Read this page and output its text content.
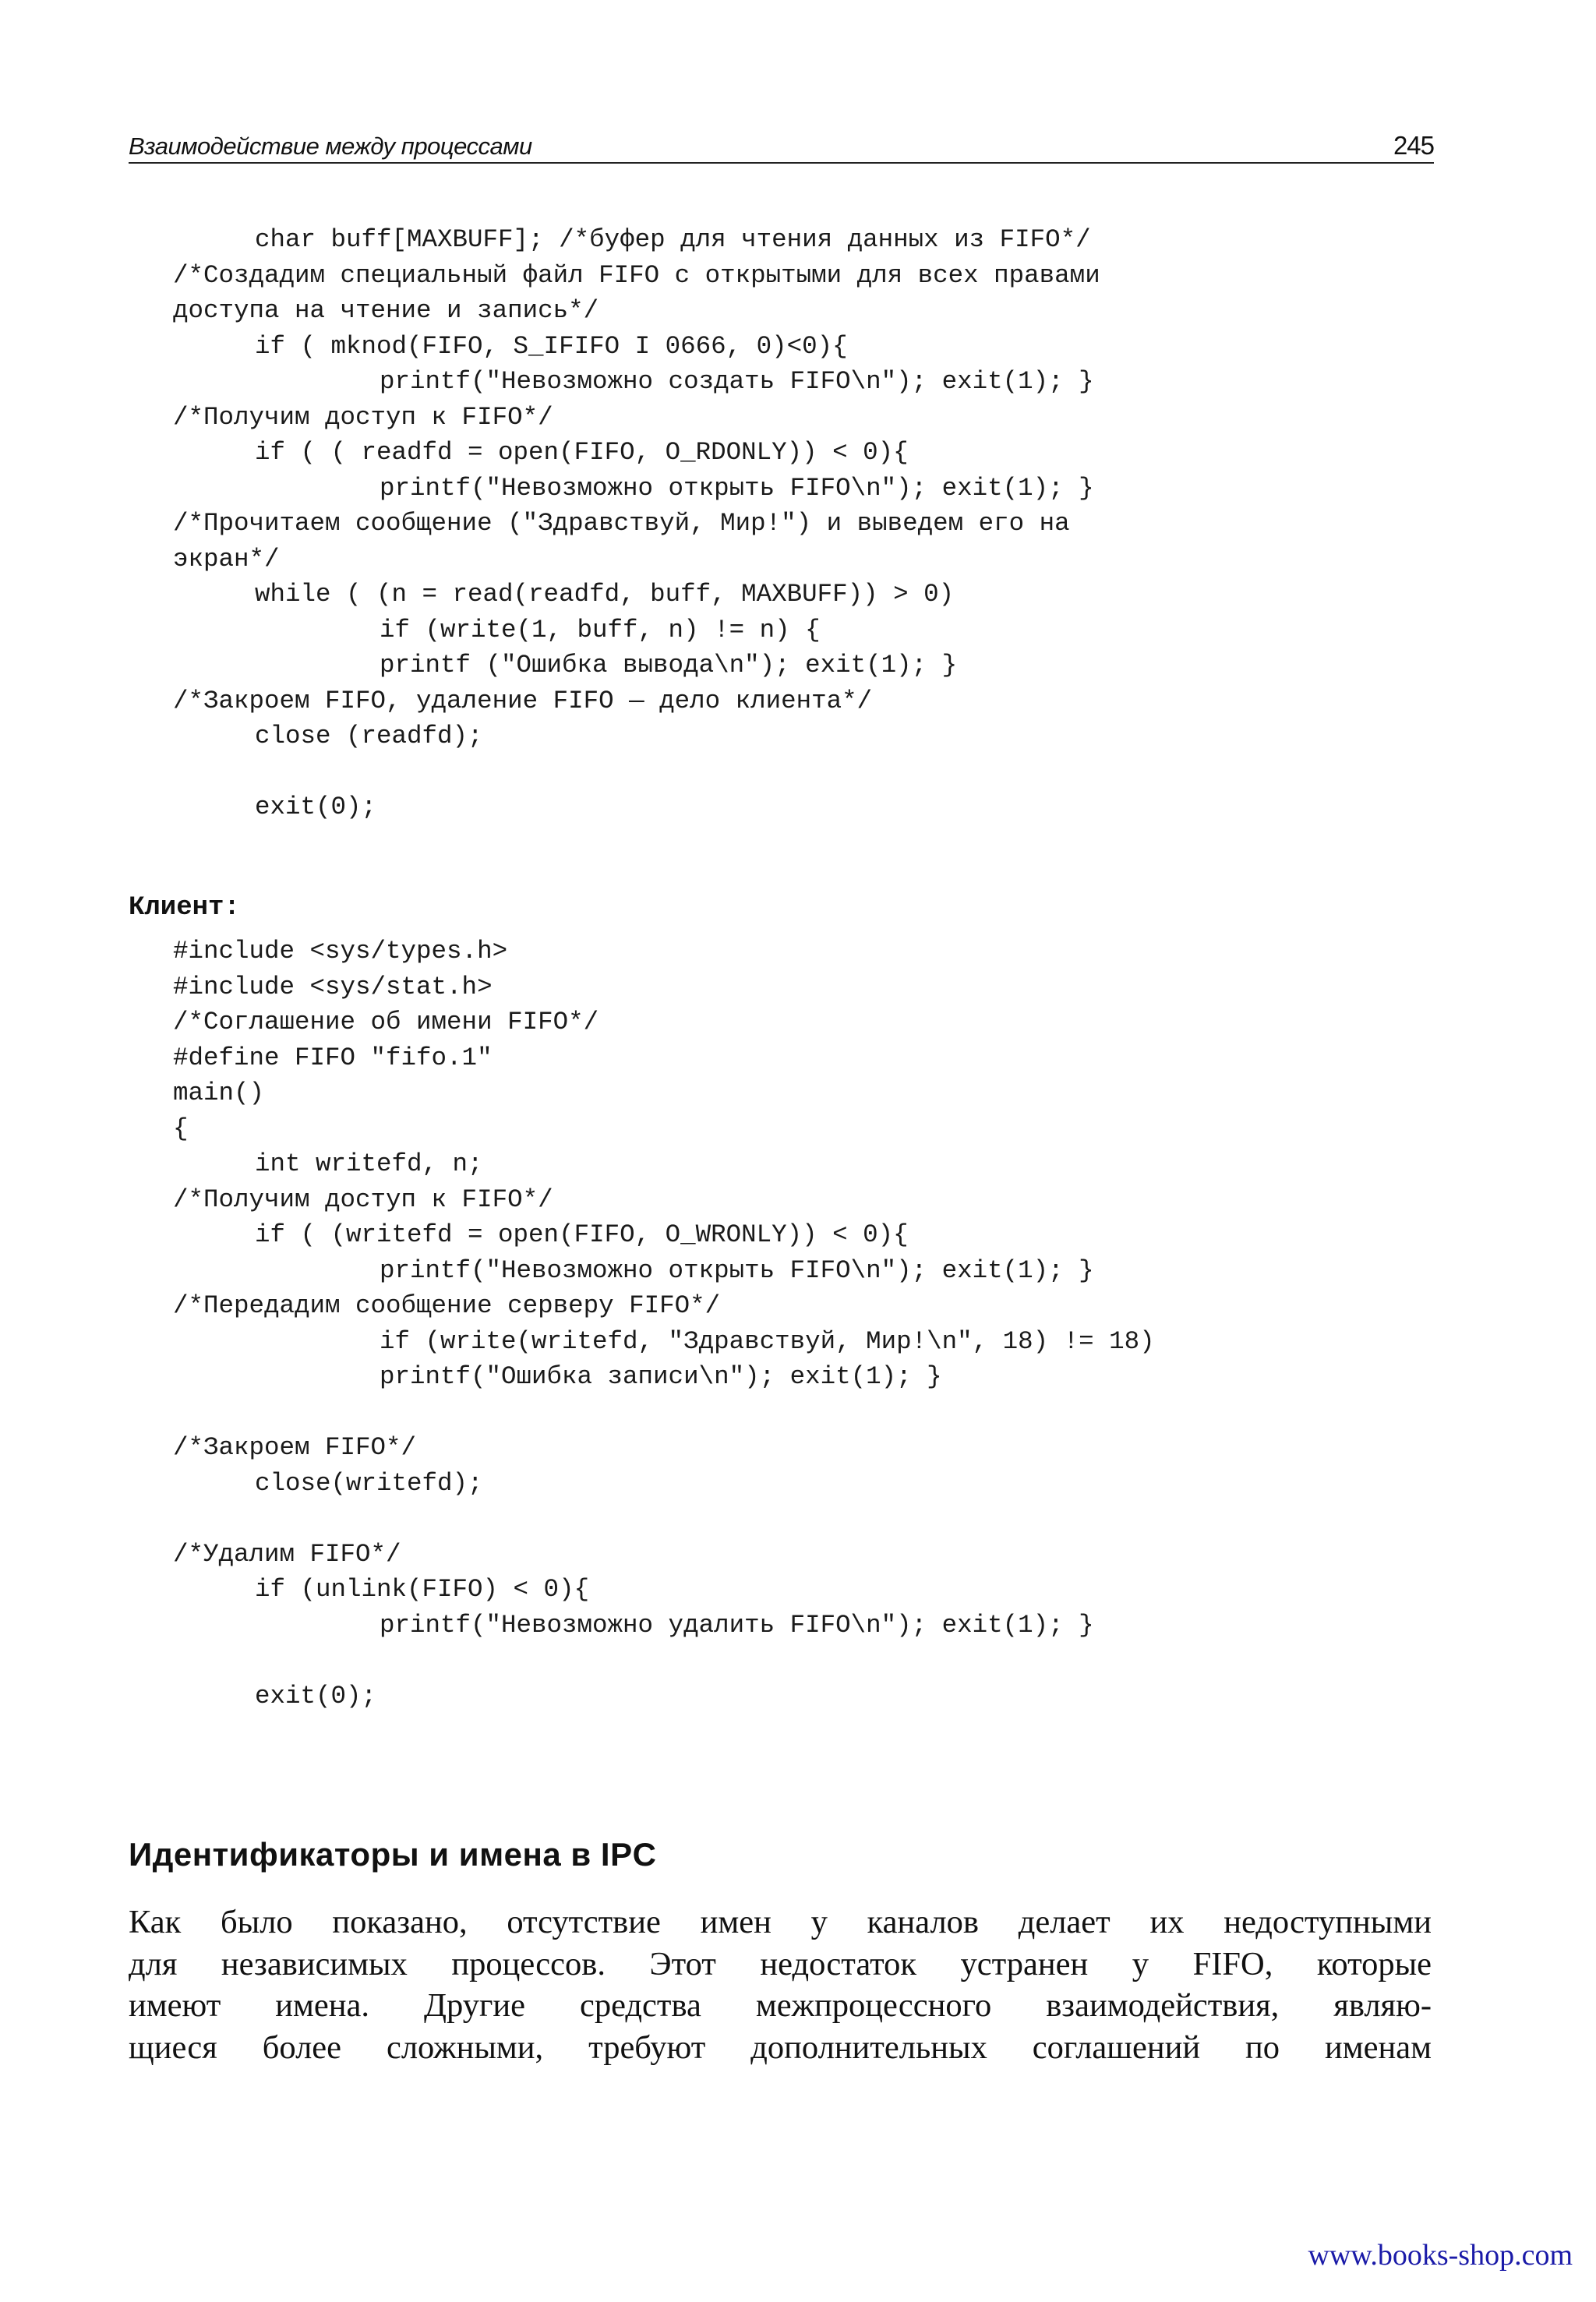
Взаимодействие между процессами	245
char buff[MAXBUFF]; /*буфер для чтения данных из FIFO*/
/*Создадим специальный файл FIFO с открытыми для всех правами
доступа на чтение и запись*/
if ( mknod(FIFO, S_IFIFO I 0666, 0)<0){
printf("Невозможно создать FIFO\n"); exit(1); }
/*Получим доступ к FIFO*/
if ( ( readfd = open(FIFO, O_RDONLY)) < 0){
printf("Невозможно открыть FIFO\n"); exit(1); }
/*Прочитаем сообщение ("Здравствуй, Мир!") и выведем его на
экран*/
while ( (n = read(readfd, buff, MAXBUFF)) > 0)
if (write(1, buff, n) != n) {
printf ("Ошибка вывода\n"); exit(1); }
/*Закроем FIFO, удаление FIFO — дело клиента*/
close (readfd);
exit(0);
Клиент:
#include <sys/types.h>
#include <sys/stat.h>
/*Соглашение об имени FIFO*/
#define FIFO "fifo.1"
main()
{
int writefd, n;
/*Получим доступ к FIFO*/
if ( (writefd = open(FIFO, O_WRONLY)) < 0){
printf("Невозможно открыть FIFO\n"); exit(1); }
/*Передадим сообщение серверу FIFO*/
if (write(writefd, "Здравствуй, Мир!\n", 18) != 18)
printf("Ошибка записи\n"); exit(1); }
/*Закроем FIFO*/
close(writefd);
/*Удалим FIFO*/
if (unlink(FIFO) < 0){
printf("Невозможно удалить FIFO\n"); exit(1); }
exit(0);
Идентификаторы и имена в IPC

Как было показано, отсутствие имен у каналов делает их недоступными
для независимых процессов. Этот недостаток устранен у FIFO, которые
имеют имена. Другие средства межпроцессного взаимодействия, являю-
щиеся более сложными, требуют дополнительных соглашений по именам

www.books-shop.com
